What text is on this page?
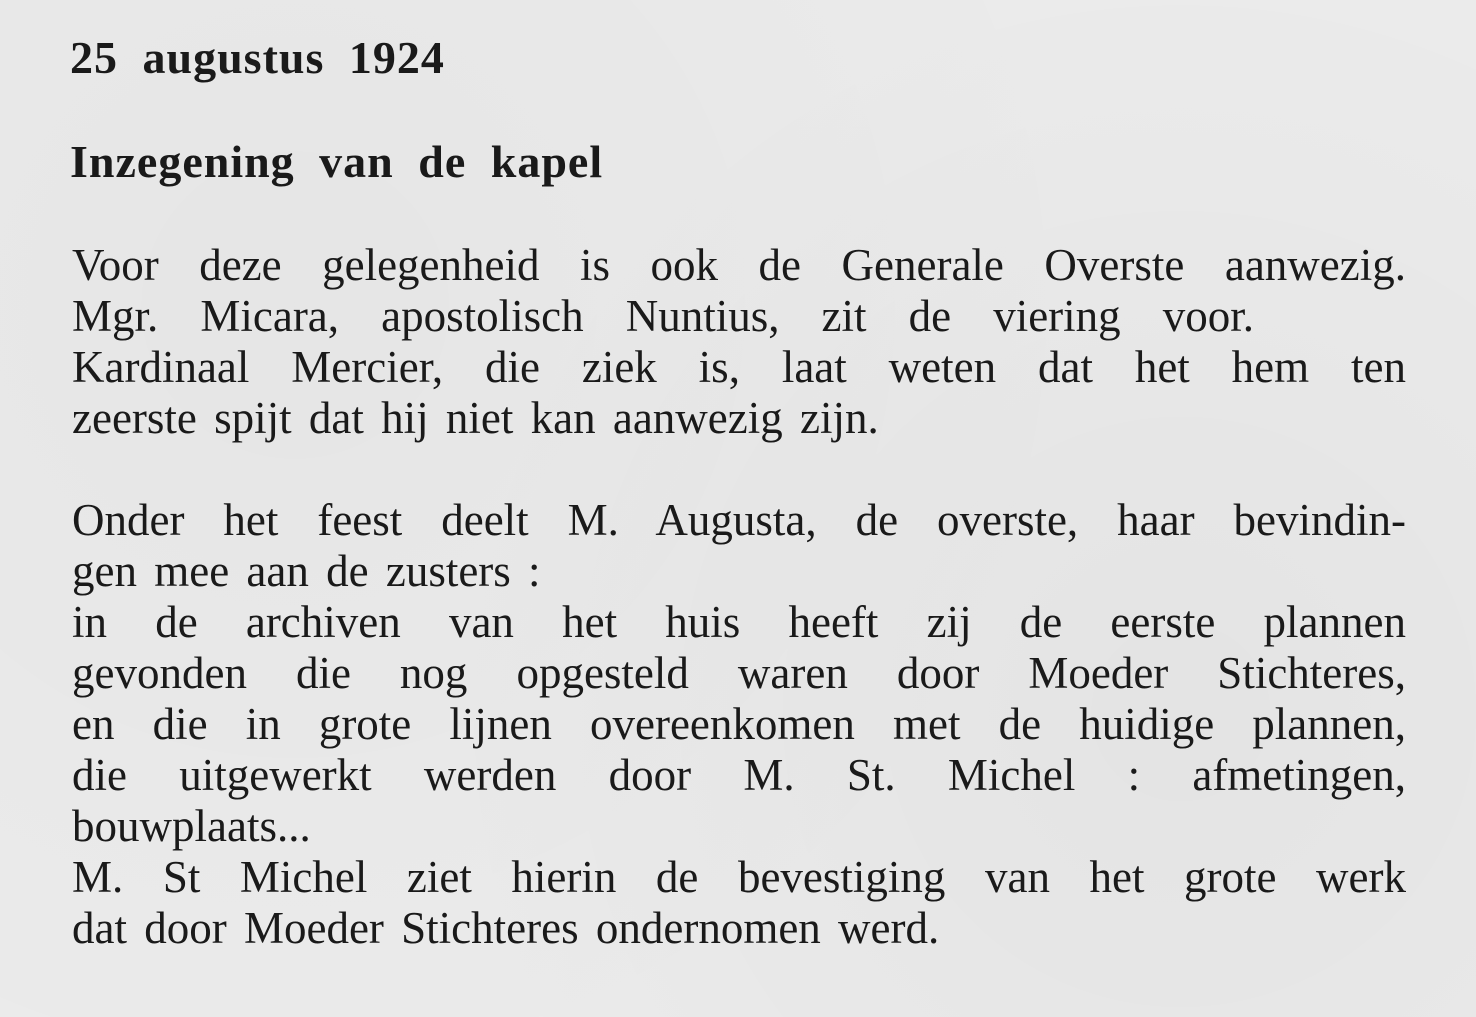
25 augustus 1924
Inzegening van de kapel
Voor deze gelegenheid is ook de Generale Overste aanwezig.
Mgr. Micara, apostolisch Nuntius, zit de viering voor.
Kardinaal Mercier, die ziek is, laat weten dat het hem ten
zeerste spijt dat hij niet kan aanwezig zijn.
Onder het feest deelt M. Augusta, de overste, haar bevindin-
gen mee aan de zusters :
in de archiven van het huis heeft zij de eerste plannen
gevonden die nog opgesteld waren door Moeder Stichteres,
en die in grote lijnen overeenkomen met de huidige plannen,
die uitgewerkt werden door M. St. Michel : afmetingen,
bouwplaats...
M. St Michel ziet hierin de bevestiging van het grote werk
dat door Moeder Stichteres ondernomen werd.
